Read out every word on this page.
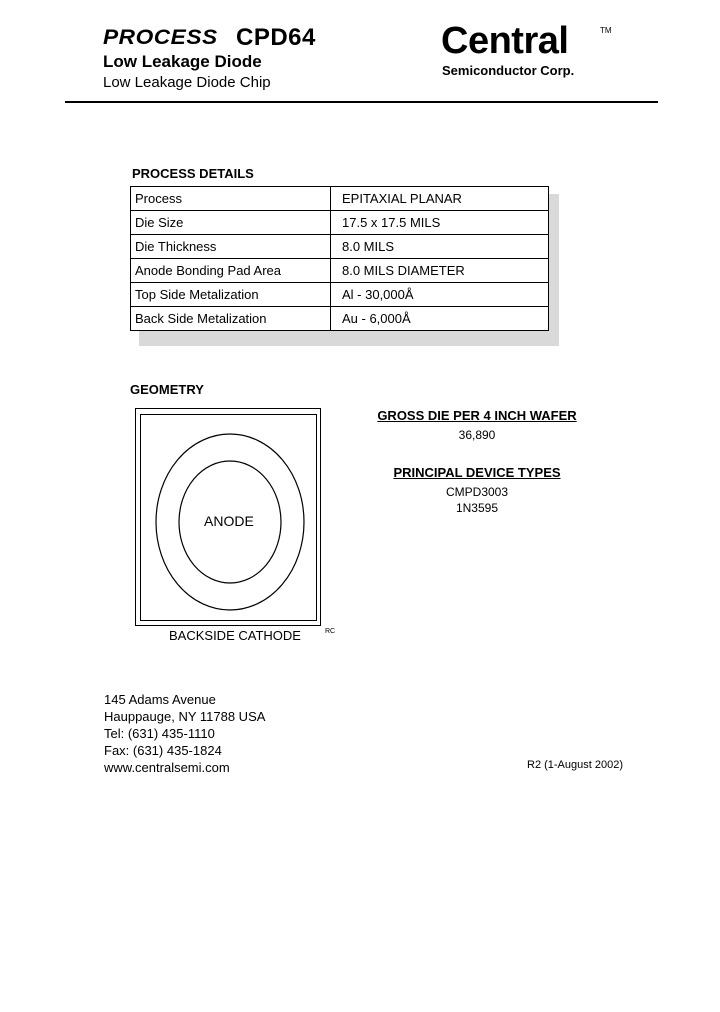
PROCESS CPD64
Low Leakage Diode
Low Leakage Diode Chip
Central	TM
Semiconductor Corp.
PROCESS DETAILS
Process	EPITAXIAL PLANAR
Die Size	17.5 x 17.5 MILS
Die Thickness	8.0 MILS
Anode Bonding Pad Area	8.0 MILS DIAMETER
Top Side Metalization	Al - 30,000Å
Back Side Metalization	Au - 6,000Å
GEOMETRY
ANODE
BACKSIDE CATHODE	RC
GROSS DIE PER 4 INCH WAFER
36,890
PRINCIPAL DEVICE TYPES
CMPD3003
1N3595
145 Adams Avenue
Hauppauge, NY 11788 USA
Tel: (631) 435-1110
Fax: (631) 435-1824
www.centralsemi.com	R2 (1-August 2002)
